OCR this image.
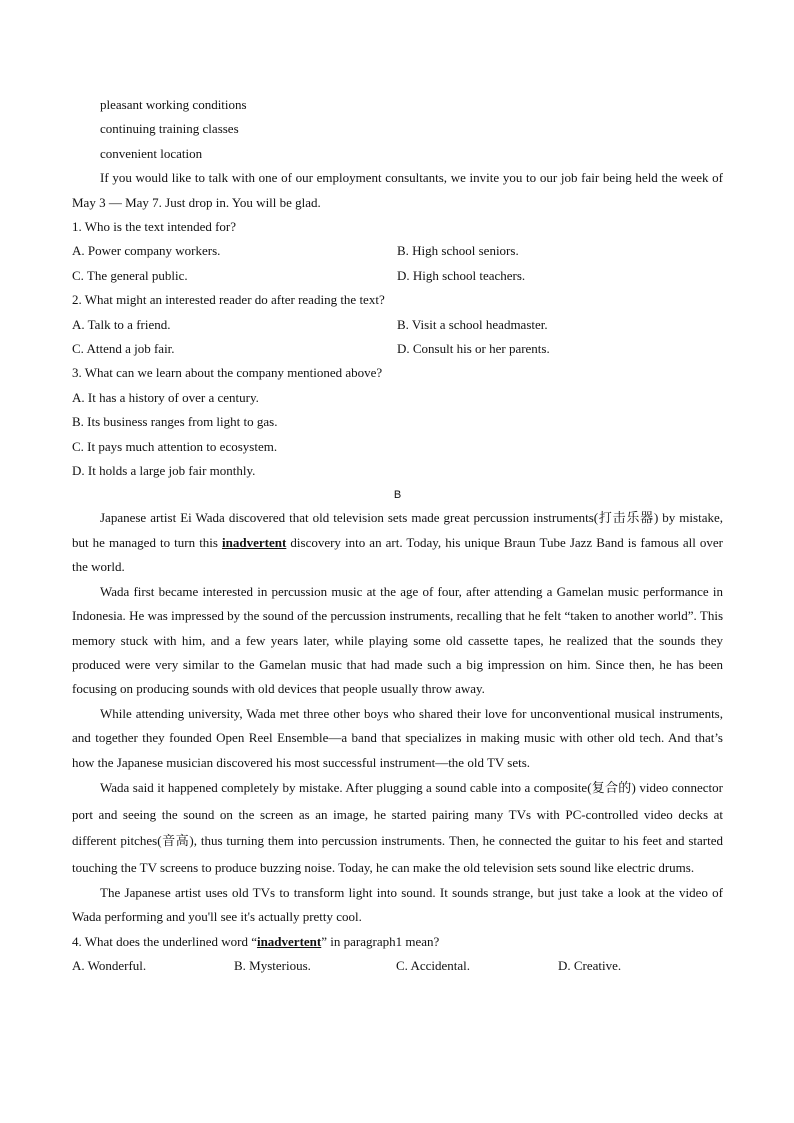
pleasant working conditions

continuing training classes

convenient location

If you would like to talk with one of our employment consultants, we invite you to our job fair being held the week of May 3 — May 7. Just drop in. You will be glad.

1. Who is the text intended for?

A. Power company workers.	B. High school seniors.
C. The general public.	D. High school teachers.

2. What might an interested reader do after reading the text?

A. Talk to a friend.	B. Visit a school headmaster.
C. Attend a job fair.	D. Consult his or her parents.

3. What can we learn about the company mentioned above?

A. It has a history of over a century.

B. Its business ranges from light to gas.

C. It pays much attention to ecosystem.

D. It holds a large job fair monthly.

B

Japanese artist Ei Wada discovered that old television sets made great percussion instruments(打击乐器) by mistake, but he managed to turn this inadvertent discovery into an art. Today, his unique Braun Tube Jazz Band is famous all over the world.

Wada first became interested in percussion music at the age of four, after attending a Gamelan music performance in Indonesia. He was impressed by the sound of the percussion instruments, recalling that he felt “taken to another world”. This memory stuck with him, and a few years later, while playing some old cassette tapes, he realized that the sounds they produced were very similar to the Gamelan music that had made such a big impression on him. Since then, he has been focusing on producing sounds with old devices that people usually throw away.

While attending university, Wada met three other boys who shared their love for unconventional musical instruments, and together they founded Open Reel Ensemble—a band that specializes in making music with other old tech. And that’s how the Japanese musician discovered his most successful instrument—the old TV sets.

Wada said it happened completely by mistake. After plugging a sound cable into a composite(复合的) video connector port and seeing the sound on the screen as an image, he started pairing many TVs with PC-controlled video decks at different pitches(音高), thus turning them into percussion instruments. Then, he connected the guitar to his feet and started touching the TV screens to produce buzzing noise. Today, he can make the old television sets sound like electric drums.

The Japanese artist uses old TVs to transform light into sound. It sounds strange, but just take a look at the video of Wada performing and you'll see it's actually pretty cool.

4. What does the underlined word “inadvertent” in paragraph1 mean?

A. Wonderful.	B. Mysterious.	C. Accidental.	D. Creative.
